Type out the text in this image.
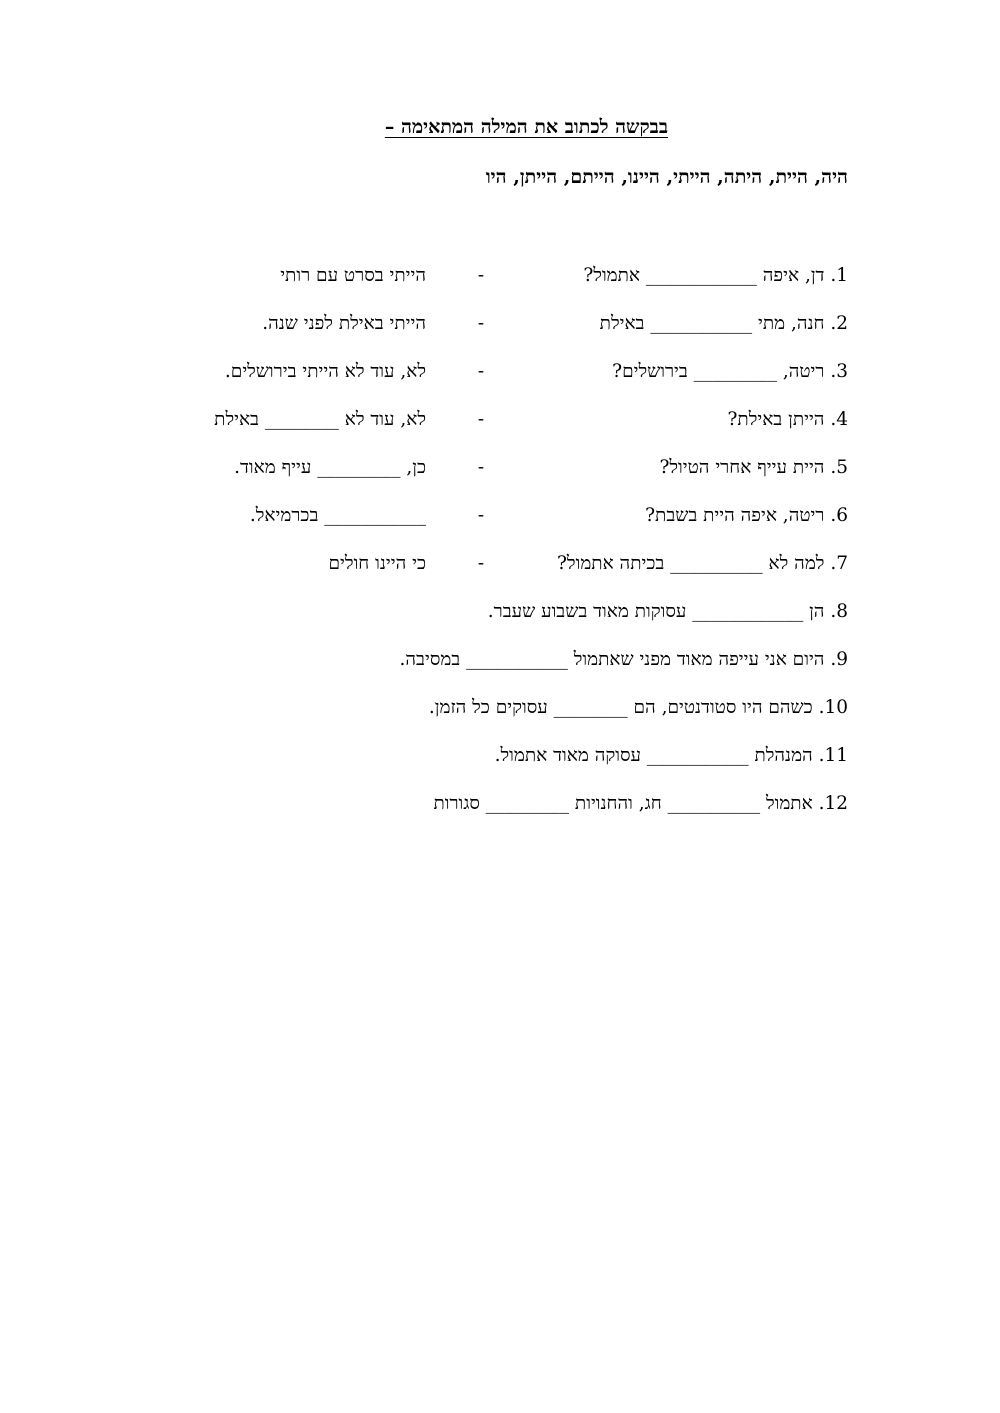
בבקשה לכתוב את המילה המתאימה –
היה, היית, היתה, הייתי, היינו, הייתם, הייתן, היו
1. דן, איפה ____________ אתמול?
-
הייתי בסרט עם רותי
2. חנה, מתי ___________ באילת
-
הייתי באילת לפני שנה.
3. ריטה, _________ בירושלים?
-
לא, עוד לא הייתי בירושלים.
4. הייתן באילת?
-
לא, עוד לא ________ באילת
5. היית עייף אחרי הטיול?
-
כן, _________ עייף מאוד.
6. ריטה, איפה היית בשבת?
-
___________ בכרמיאל.
7. למה לא __________ בכיתה אתמול?
-
כי היינו חולים
8. הן ____________ עסוקות מאוד בשבוע שעבר.
9. היום אני עייפה מאוד מפני שאתמול ___________ במסיבה.
10. כשהם היו סטודנטים, הם ________ עסוקים כל הזמן.
11. המנהלת ___________ עסוקה מאוד אתמול.
12. אתמול __________ חג, והחנויות _________ סגורות
